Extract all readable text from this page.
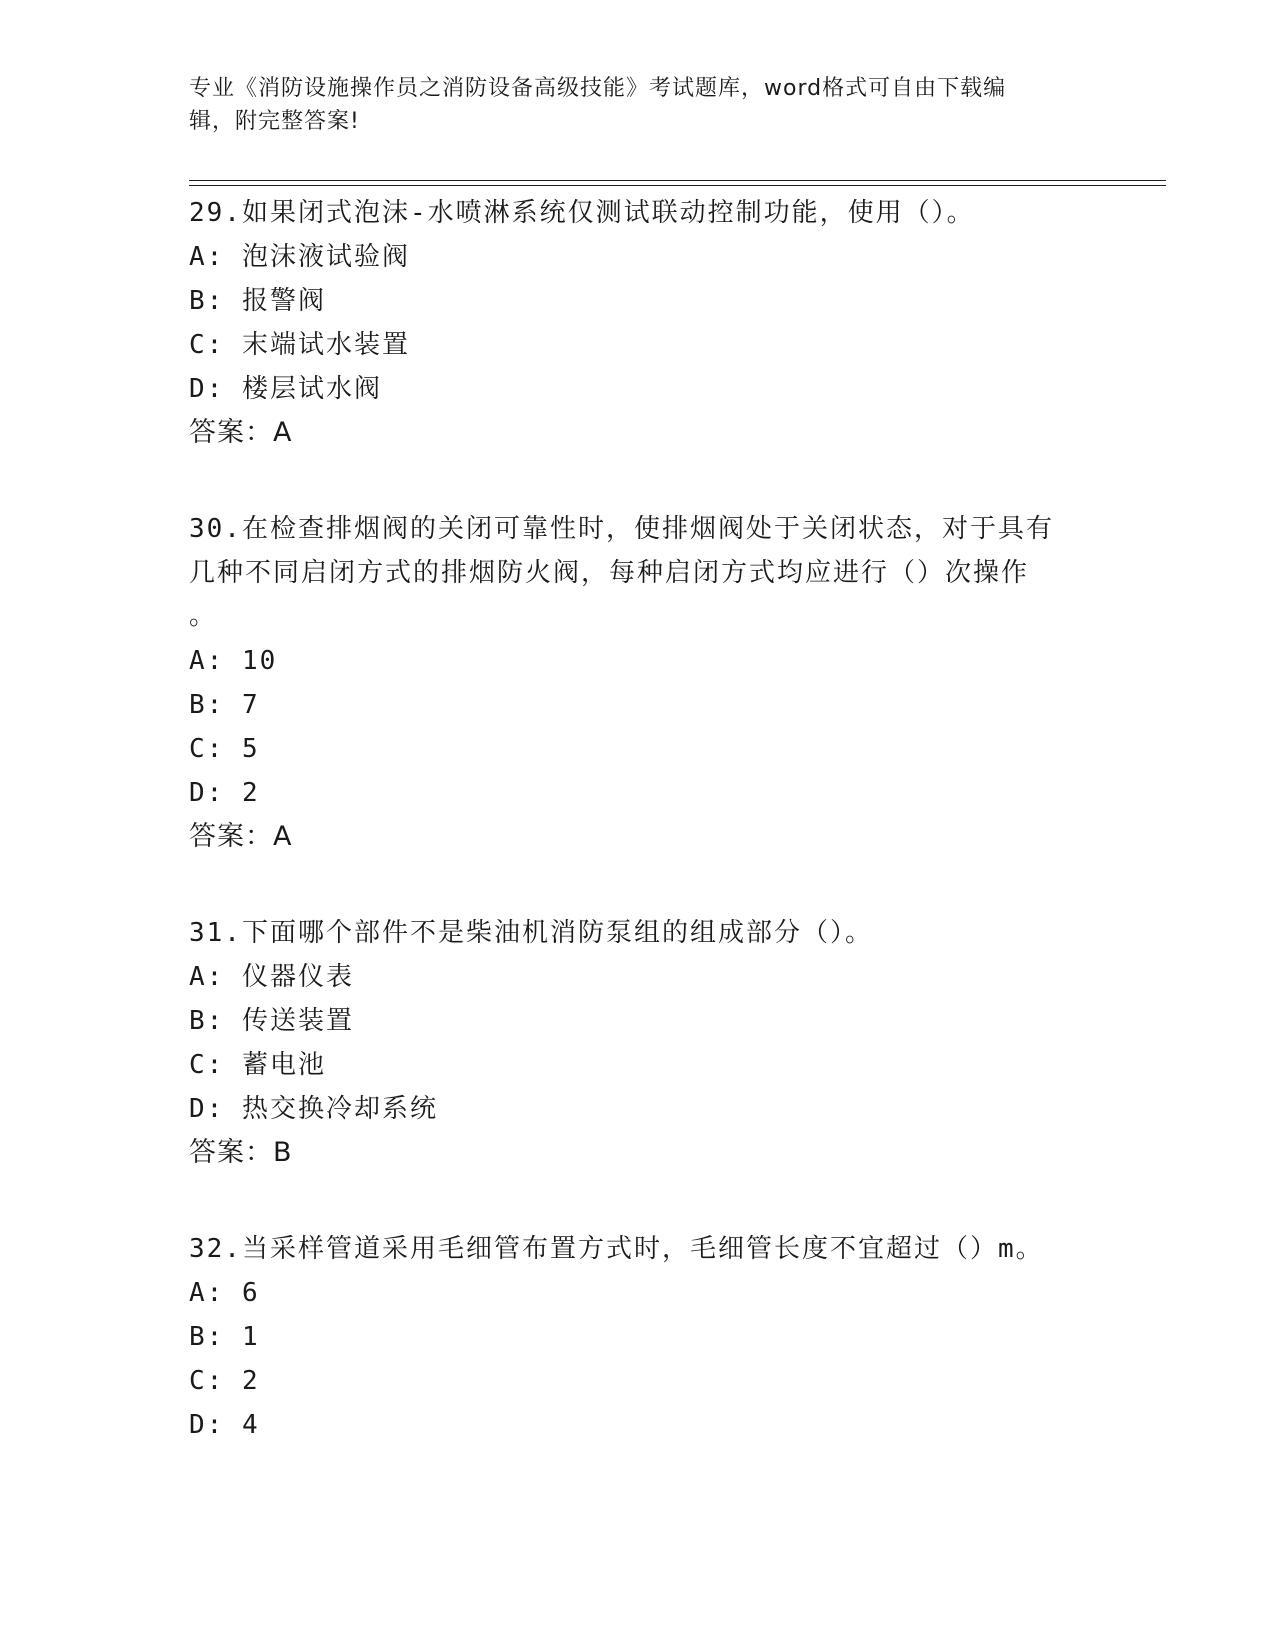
专业《消防设施操作员之消防设备高级技能》考试题库，word格式可自由下载编
辑，附完整答案!
29.如果闭式泡沫-水喷淋系统仅测试联动控制功能，使用（）。
A: 泡沫液试验阀
B: 报警阀
C: 末端试水装置
D: 楼层试水阀
答案：A
30.在检查排烟阀的关闭可靠性时，使排烟阀处于关闭状态，对于具有
几种不同启闭方式的排烟防火阀，每种启闭方式均应进行（）次操作
。
A: 10
B: 7
C: 5
D: 2
答案：A
31.下面哪个部件不是柴油机消防泵组的组成部分（）。
A: 仪器仪表
B: 传送装置
C: 蓄电池
D: 热交换冷却系统
答案：B
32.当采样管道采用毛细管布置方式时，毛细管长度不宜超过（）m。
A: 6
B: 1
C: 2
D: 4
